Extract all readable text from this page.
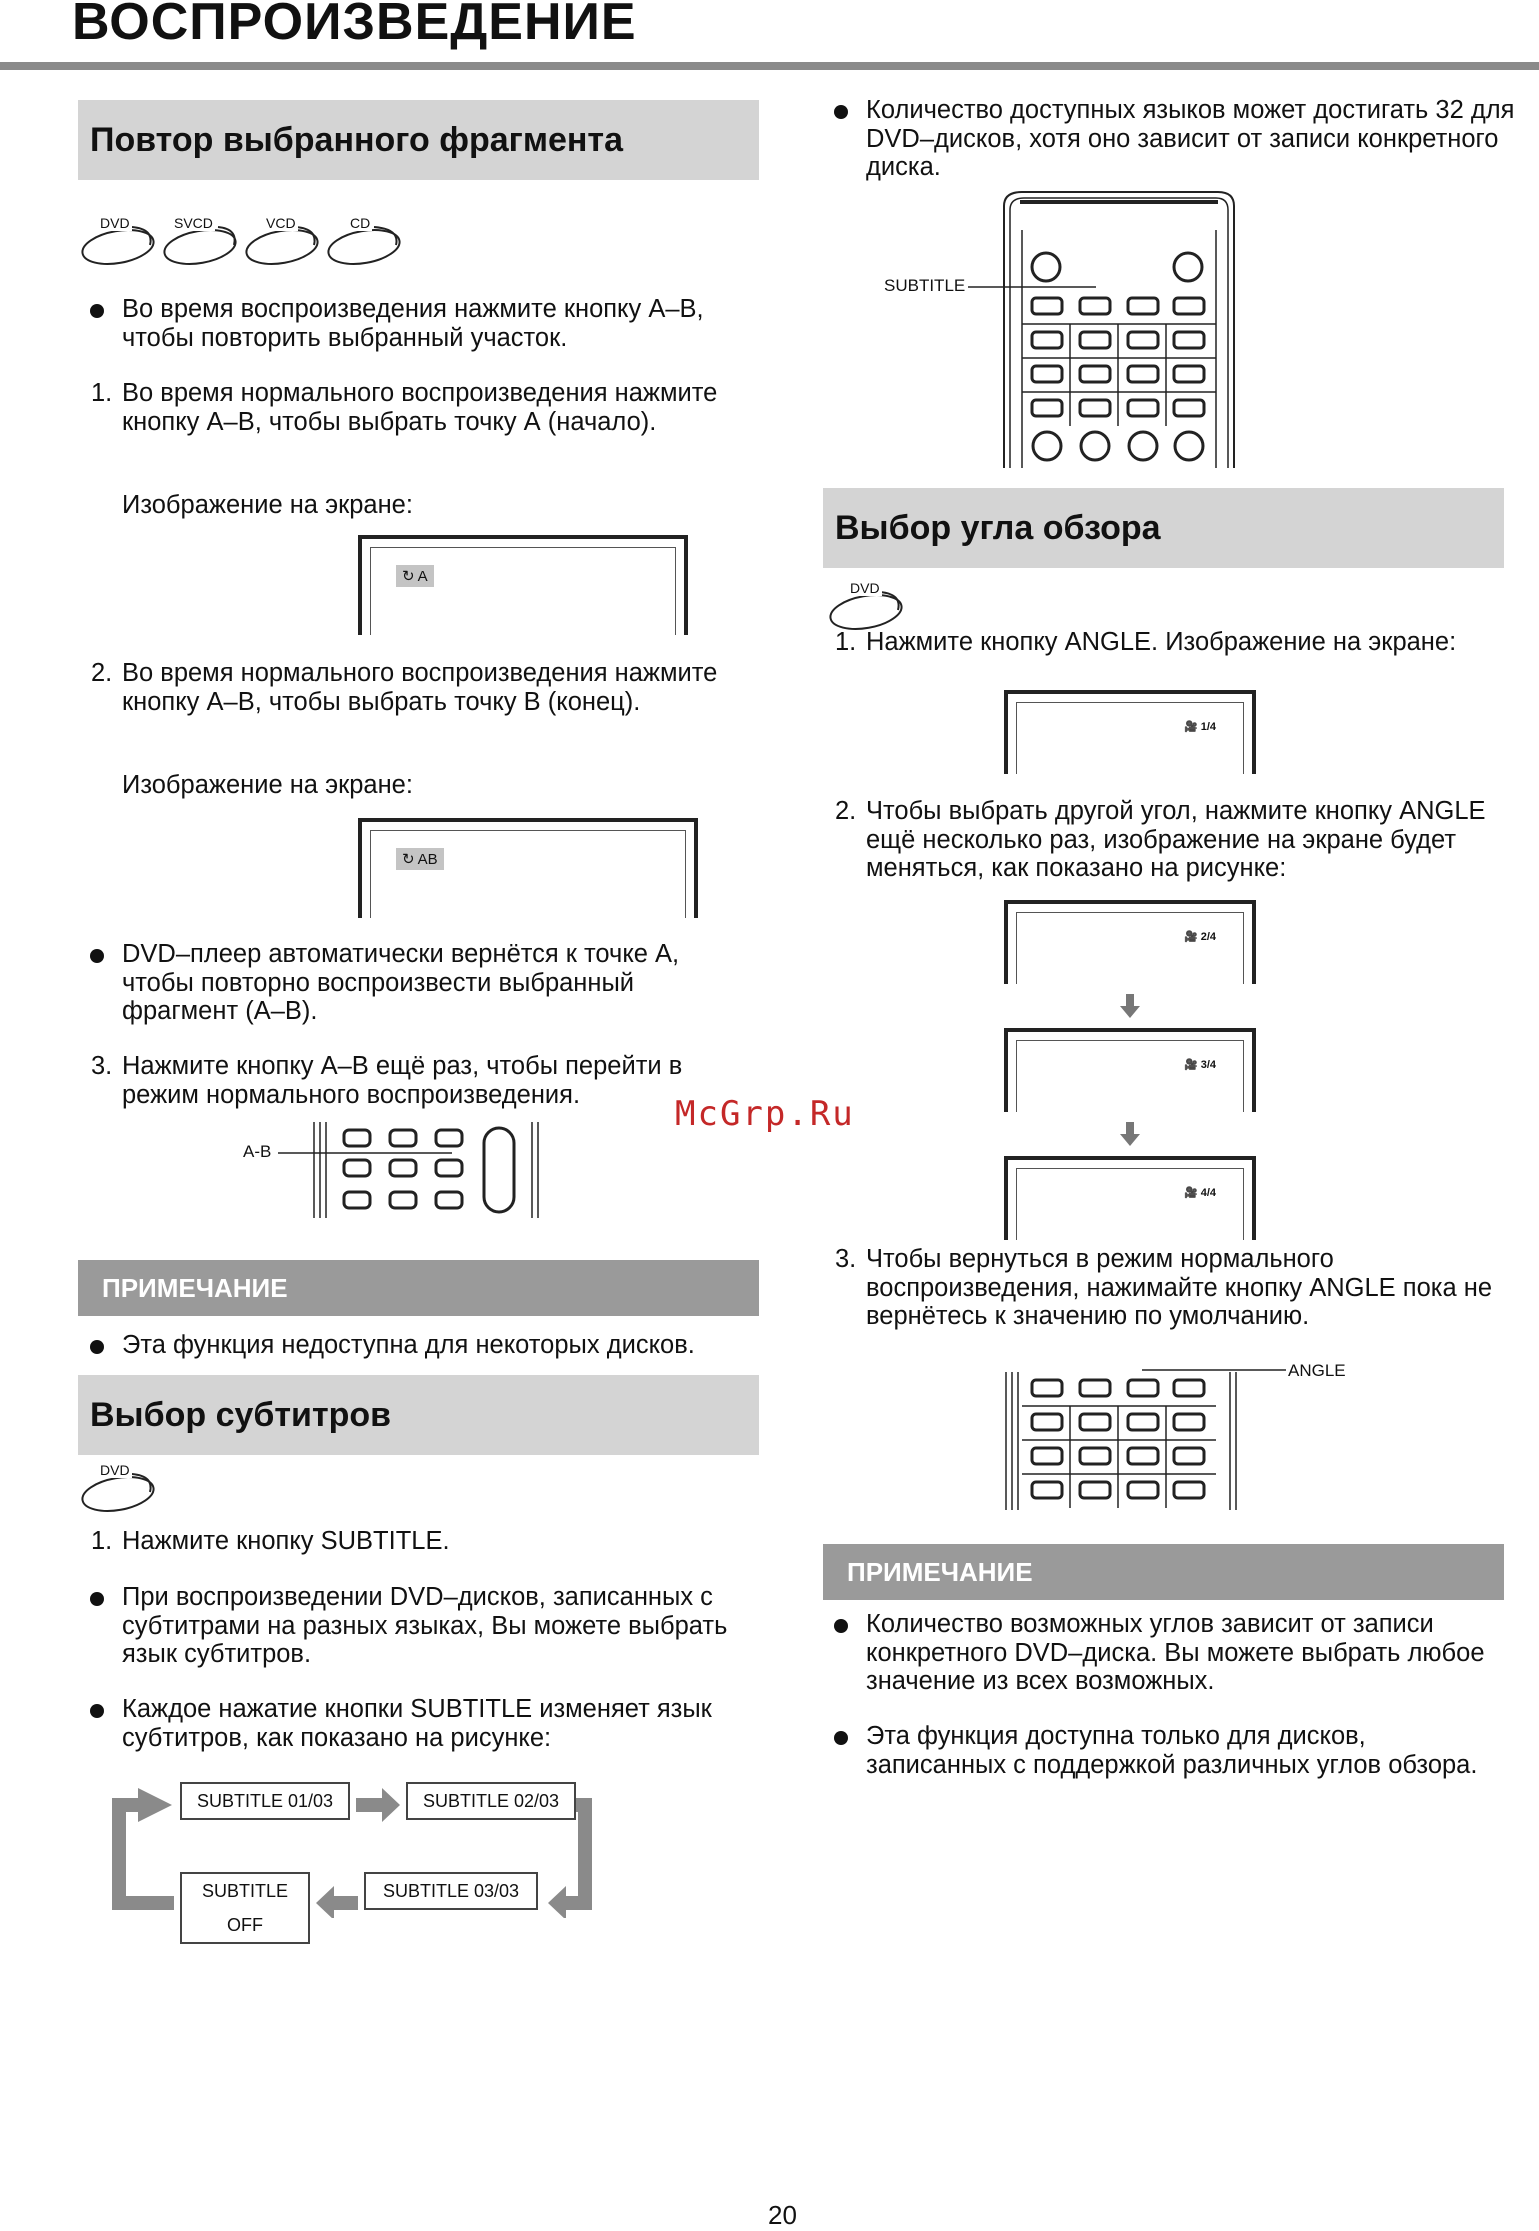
ВОСПРОИЗВЕДЕНИЕ
Повтор выбранного фрагмента
DVD	SVCD	VCD	CD
Во время воспроизведения нажмите кнопку A–B, чтобы повторить выбранный участок.
1. Во время нормального воспроизведения нажмите кнопку A–B, чтобы выбрать точку А (начало).
Изображение на экране:
↻ A
2. Во время нормального воспроизведения нажмите кнопку A–B, чтобы выбрать точку В (конец).
Изображение на экране:
↻ AB
DVD–плеер автоматически вернётся к точке А, чтобы повторно воспроизвести выбранный фрагмент (А–В).
3. Нажмите кнопку A–B ещё раз, чтобы перейти в режим нормального воспроизведения.
A-B
McGrp.Ru
ПРИМЕЧАНИЕ
Эта функция недоступна для некоторых дисков.
Выбор субтитров
DVD
1. Нажмите кнопку SUBTITLE.
При воспроизведении DVD–дисков, записанных с субтитрами на разных языках, Вы можете выбрать язык субтитров.
Каждое нажатие кнопки SUBTITLE изменяет язык субтитров, как показано на рисунке:
SUBTITLE 01/03	SUBTITLE 02/03
SUBTITLE 03/03
SUBTITLE OFF
Количество доступных языков может достигать 32 для DVD–дисков, хотя оно зависит от записи конкретного диска.
SUBTITLE
Выбор угла обзора
DVD
1. Нажмите кнопку ANGLE. Изображение на экране:
🎥 1/4
2. Чтобы выбрать другой угол, нажмите кнопку ANGLE ещё несколько раз, изображение на экране будет меняться, как показано на рисунке:
🎥 2/4
🎥 3/4
🎥 4/4
3. Чтобы вернуться в режим нормального воспроизведения, нажимайте кнопку ANGLE пока не вернётесь к значению по умолчанию.
ANGLE
ПРИМЕЧАНИЕ
Количество возможных углов зависит от записи конкретного DVD–диска. Вы можете выбрать любое значение из всех возможных.
Эта функция доступна только для дисков, записанных с поддержкой различных углов обзора.
20
